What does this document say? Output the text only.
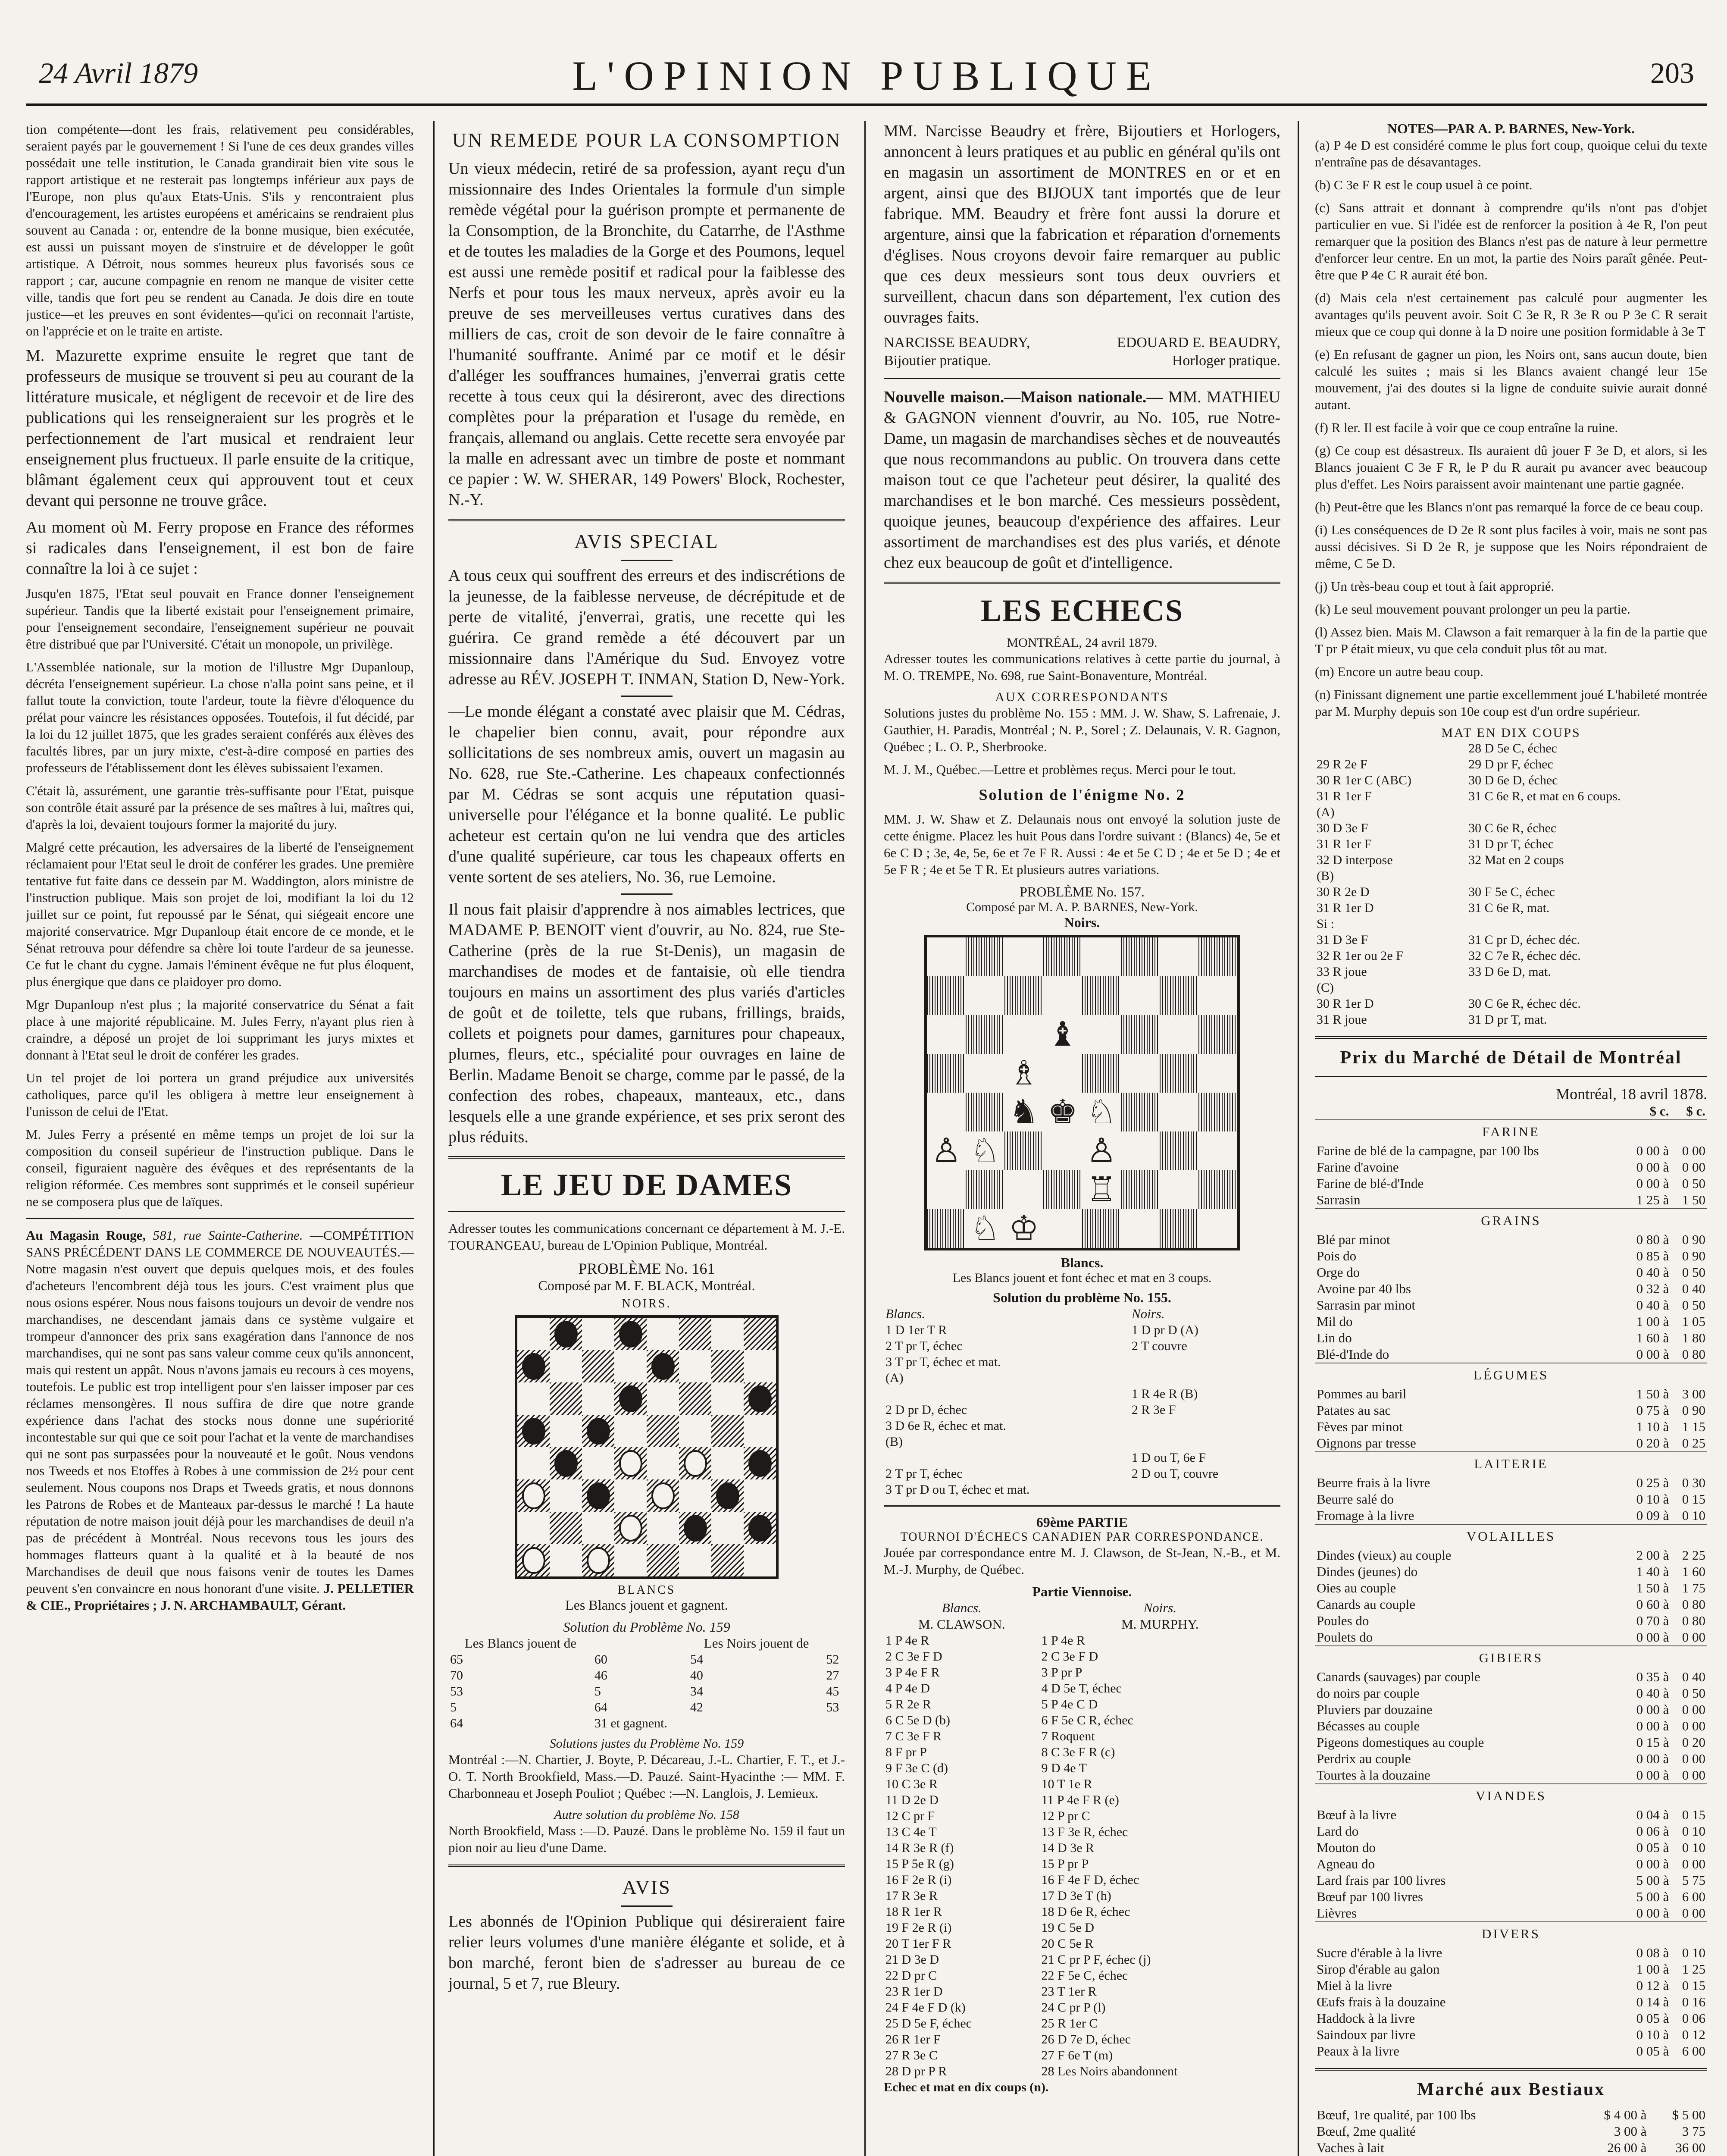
24 Avril 1879	L'OPINION PUBLIQUE	203

tion compétente—dont les frais, relativement peu considérables, seraient payés par le gouvernement ! Si l'une de ces deux grandes villes possédait une telle institution, le Canada grandirait bien vite sous le rapport artistique et ne resterait pas longtemps inférieur aux pays de l'Europe, non plus qu'aux Etats-Unis. S'ils y rencontraient plus d'encouragement, les artistes européens et américains se rendraient plus souvent au Canada : or, entendre de la bonne musique, bien exécutée, est aussi un puissant moyen de s'instruire et de développer le goût artistique. A Détroit, nous sommes heureux plus favorisés sous ce rapport ; car, aucune compagnie en renom ne manque de visiter cette ville, tandis que fort peu se rendent au Canada. Je dois dire en toute justice—et les preuves en sont évidentes—qu'ici on reconnait l'artiste, on l'apprécie et on le traite en artiste.

M. Mazurette exprime ensuite le regret que tant de professeurs de musique se trouvent si peu au courant de la littérature musicale, et négligent de recevoir et de lire des publications qui les renseigneraient sur les progrès et le perfectionnement de l'art musical et rendraient leur enseignement plus fructueux. Il parle ensuite de la critique, blâmant également ceux qui approuvent tout et ceux devant qui personne ne trouve grâce.

Au moment où M. Ferry propose en France des réformes si radicales dans l'enseignement, il est bon de faire connaître la loi à ce sujet :

Jusqu'en 1875, l'Etat seul pouvait en France donner l'enseignement supérieur. Tandis que la liberté existait pour l'enseignement primaire, pour l'enseignement secondaire, l'enseignement supérieur ne pouvait être distribué que par l'Université. C'était un monopole, un privilège.

L'Assemblée nationale, sur la motion de l'illustre Mgr Dupanloup, décréta l'enseignement supérieur. La chose n'alla point sans peine, et il fallut toute la conviction, toute l'ardeur, toute la fièvre d'éloquence du prélat pour vaincre les résistances opposées. Toutefois, il fut décidé, par la loi du 12 juillet 1875, que les grades seraient conférés aux élèves des facultés libres, par un jury mixte, c'est-à-dire composé en parties des professeurs de l'établissement dont les élèves subissaient l'examen.

C'était là, assurément, une garantie très-suffisante pour l'Etat, puisque son contrôle était assuré par la présence de ses maîtres à lui, maîtres qui, d'après la loi, devaient toujours former la majorité du jury.

Malgré cette précaution, les adversaires de la liberté de l'enseignement réclamaient pour l'Etat seul le droit de conférer les grades. Une première tentative fut faite dans ce dessein par M. Waddington, alors ministre de l'instruction publique. Mais son projet de loi, modifiant la loi du 12 juillet sur ce point, fut repoussé par le Sénat, qui siégeait encore une majorité conservatrice. Mgr Dupanloup était encore de ce monde, et le Sénat retrouva pour défendre sa chère loi toute l'ardeur de sa jeunesse. Ce fut le chant du cygne. Jamais l'éminent évêque ne fut plus éloquent, plus énergique que dans ce plaidoyer pro domo.

Mgr Dupanloup n'est plus ; la majorité conservatrice du Sénat a fait place à une majorité républicaine. M. Jules Ferry, n'ayant plus rien à craindre, a déposé un projet de loi supprimant les jurys mixtes et donnant à l'Etat seul le droit de conférer les grades.

Un tel projet de loi portera un grand préjudice aux universités catholiques, parce qu'il les obligera à mettre leur enseignement à l'unisson de celui de l'Etat.

M. Jules Ferry a présenté en même temps un projet de loi sur la composition du conseil supérieur de l'instruction publique. Dans le conseil, figuraient naguère des évêques et des représentants de la religion réformée. Ces membres sont supprimés et le conseil supérieur ne se composera plus que de laïques.

Au Magasin Rouge, 581, rue Sainte-Catherine. —COMPÉTITION SANS PRÉCÉDENT DANS LE COMMERCE DE NOUVEAUTÉS.—Notre magasin n'est ouvert que depuis quelques mois, et des foules d'acheteurs l'encombrent déjà tous les jours. C'est vraiment plus que nous osions espérer. Nous nous faisons toujours un devoir de vendre nos marchandises, ne descendant jamais dans ce système vulgaire et trompeur d'annoncer des prix sans exagération dans l'annonce de nos marchandises, qui ne sont pas sans valeur comme ceux qu'ils annoncent, mais qui restent un appât. Nous n'avons jamais eu recours à ces moyens, toutefois. Le public est trop intelligent pour s'en laisser imposer par ces réclames mensongères. Il nous suffira de dire que notre grande expérience dans l'achat des stocks nous donne une supériorité incontestable sur qui que ce soit pour l'achat et la vente de marchandises qui ne sont pas surpassées pour la nouveauté et le goût. Nous vendons nos Tweeds et nos Etoffes à Robes à une commission de 2½ pour cent seulement. Nous coupons nos Draps et Tweeds gratis, et nous donnons les Patrons de Robes et de Manteaux par-dessus le marché ! La haute réputation de notre maison jouit déjà pour les marchandises de deuil n'a pas de précédent à Montréal. Nous recevons tous les jours des hommages flatteurs quant à la qualité et à la beauté de nos Marchandises de deuil que nous faisons venir de toutes les Dames peuvent s'en convaincre en nous honorant d'une visite. J. PELLETIER & CIE., Propriétaires ; J. N. ARCHAMBAULT, Gérant.

UN REMEDE POUR LA CONSOMPTION

Un vieux médecin, retiré de sa profession, ayant reçu d'un missionnaire des Indes Orientales la formule d'un simple remède végétal pour la guérison prompte et permanente de la Consomption, de la Bronchite, du Catarrhe, de l'Asthme et de toutes les maladies de la Gorge et des Poumons, lequel est aussi une remède positif et radical pour la faiblesse des Nerfs et pour tous les maux nerveux, après avoir eu la preuve de ses merveilleuses vertus curatives dans des milliers de cas, croit de son devoir de le faire connaître à l'humanité souffrante. Animé par ce motif et le désir d'alléger les souffrances humaines, j'enverrai gratis cette recette à tous ceux qui la désireront, avec des directions complètes pour la préparation et l'usage du remède, en français, allemand ou anglais. Cette recette sera envoyée par la malle en adressant avec un timbre de poste et nommant ce papier : W. W. SHERAR, 149 Powers' Block, Rochester, N.-Y.

AVIS SPECIAL

A tous ceux qui souffrent des erreurs et des indiscrétions de la jeunesse, de la faiblesse nerveuse, de décrépitude et de perte de vitalité, j'enverrai, gratis, une recette qui les guérira. Ce grand remède a été découvert par un missionnaire dans l'Amérique du Sud. Envoyez votre adresse au RÉV. JOSEPH T. INMAN, Station D, New-York.

—Le monde élégant a constaté avec plaisir que M. Cédras, le chapelier bien connu, avait, pour répondre aux sollicitations de ses nombreux amis, ouvert un magasin au No. 628, rue Ste.-Catherine. Les chapeaux confectionnés par M. Cédras se sont acquis une réputation quasi-universelle pour l'élégance et la bonne qualité. Le public acheteur est certain qu'on ne lui vendra que des articles d'une qualité supérieure, car tous les chapeaux offerts en vente sortent de ses ateliers, No. 36, rue Lemoine.

Il nous fait plaisir d'apprendre à nos aimables lectrices, que MADAME P. BENOIT vient d'ouvrir, au No. 824, rue Ste-Catherine (près de la rue St-Denis), un magasin de marchandises de modes et de fantaisie, où elle tiendra toujours en mains un assortiment des plus variés d'articles de goût et de toilette, tels que rubans, frillings, braids, collets et poignets pour dames, garnitures pour chapeaux, plumes, fleurs, etc., spécialité pour ouvrages en laine de Berlin. Madame Benoit se charge, comme par le passé, de la confection des robes, chapeaux, manteaux, etc., dans lesquels elle a une grande expérience, et ses prix seront des plus réduits.

LE JEU DE DAMES

Adresser toutes les communications concernant ce département à M. J.-E. TOURANGEAU, bureau de L'Opinion Publique, Montréal.

PROBLÈME No. 161
Composé par M. F. BLACK, Montréal.
NOIRS.
BLANCS
Les Blancs jouent et gagnent.
Solution du Problème No. 159
Les Blancs jouent de		Les Noirs jouent de	
65	60	54	52
70	46	40	27
53	5	34	45
5	64	42	53
64	31 et gagnent.		
Solutions justes du Problème No. 159

Montréal :—N. Chartier, J. Boyte, P. Décareau, J.-L. Chartier, F. T., et J.-O. T. North Brookfield, Mass.—D. Pauzé. Saint-Hyacinthe :— MM. F. Charbonneau et Joseph Pouliot ; Québec :—N. Langlois, J. Lemieux.

Autre solution du problème No. 158

North Brookfield, Mass :—D. Pauzé. Dans le problème No. 159 il faut un pion noir au lieu d'une Dame.

AVIS

Les abonnés de l'Opinion Publique qui désireraient faire relier leurs volumes d'une manière élégante et solide, et à bon marché, feront bien de s'adresser au bureau de ce journal, 5 et 7, rue Bleury.

MM. Narcisse Beaudry et frère, Bijoutiers et Horlogers, annoncent à leurs pratiques et au public en général qu'ils ont en magasin un assortiment de MONTRES en or et en argent, ainsi que des BIJOUX tant importés que de leur fabrique. MM. Beaudry et frère font aussi la dorure et argenture, ainsi que la fabrication et réparation d'ornements d'églises. Nous croyons devoir faire remarquer au public que ces deux messieurs sont tous deux ouvriers et surveillent, chacun dans son département, l'ex cution des ouvrages faits.

NARCISSE BEAUDRY, Bijoutier pratique.
EDOUARD E. BEAUDRY, Horloger pratique.

Nouvelle maison.—Maison nationale.— MM. MATHIEU & GAGNON viennent d'ouvrir, au No. 105, rue Notre-Dame, un magasin de marchandises sèches et de nouveautés que nous recommandons au public. On trouvera dans cette maison tout ce que l'acheteur peut désirer, la qualité des marchandises et le bon marché. Ces messieurs possèdent, quoique jeunes, beaucoup d'expérience des affaires. Leur assortiment de marchandises est des plus variés, et dénote chez eux beaucoup de goût et d'intelligence.

LES ECHECS
MONTRÉAL, 24 avril 1879.

Adresser toutes les communications relatives à cette partie du journal, à M. O. TREMPE, No. 698, rue Saint-Bonaventure, Montréal.

AUX CORRESPONDANTS

Solutions justes du problème No. 155 : MM. J. W. Shaw, S. Lafrenaie, J. Gauthier, H. Paradis, Montréal ; N. P., Sorel ; Z. Delaunais, V. R. Gagnon, Québec ; L. O. P., Sherbrooke.

M. J. M., Québec.—Lettre et problèmes reçus. Merci pour le tout.

Solution de l'énigme No. 2

MM. J. W. Shaw et Z. Delaunais nous ont envoyé la solution juste de cette énigme. Placez les huit Pous dans l'ordre suivant : (Blancs) 4e, 5e et 6e C D ; 3e, 4e, 5e, 6e et 7e F R. Aussi : 4e et 5e C D ; 4e et 5e D ; 4e et 5e F R ; 4e et 5e T R. Et plusieurs autres variations.

PROBLÈME No. 157.
Composé par M. A. P. BARNES, New-York.
Noirs.
♝
♗
♚
♞ ♘
♙ ♘	♙
♖
♘ ♔
Blancs.
Les Blancs jouent et font échec et mat en 3 coups.
Solution du problème No. 155.
Blancs.	Noirs.
1 D 1er T R	1 D pr D (A)
2 T pr T, échec	2 T couvre
3 T pr T, échec et mat.	
(A)	
	1 R 4e R (B)
2 D pr D, échec	2 R 3e F
3 D 6e R, échec et mat.	
(B)	
	1 D ou T, 6e F
2 T pr T, échec	2 D ou T, couvre
3 T pr D ou T, échec et mat.	
69ème PARTIE
TOURNOI D'ÉCHECS CANADIEN PAR CORRESPONDANCE.

Jouée par correspondance entre M. J. Clawson, de St-Jean, N.-B., et M. M.-J. Murphy, de Québec.

Partie Viennoise.
Blancs.	Noirs.
M. CLAWSON.	M. MURPHY.
1 P 4e R	1 P 4e R
2 C 3e F D	2 C 3e F D
3 P 4e F R	3 P pr P
4 P 4e D	4 D 5e T, échec
5 R 2e R	5 P 4e C D
6 C 5e D (b)	6 F 5e C R, échec
7 C 3e F R	7 Roquent
8 F pr P	8 C 3e F R (c)
9 F 3e C (d)	9 D 4e T
10 C 3e R	10 T 1e R
11 D 2e D	11 P 4e F R (e)
12 C pr F	12 P pr C
13 C 4e T	13 F 3e R, échec
14 R 3e R (f)	14 D 3e R
15 P 5e R (g)	15 P pr P
16 F 2e R (i)	16 F 4e F D, échec
17 R 3e R	17 D 3e T (h)
18 R 1er R	18 D 6e R, échec
19 F 2e R (i)	19 C 5e D
20 T 1er F R	20 C 5e R
21 D 3e D	21 C pr P F, échec (j)
22 D pr C	22 F 5e C, échec
23 R 1er D	23 T 1er R
24 F 4e F D (k)	24 C pr P (l)
25 D 5e F, échec	25 R 1er C
26 R 1er F	26 D 7e D, échec
27 R 3e C	27 F 6e T (m)
28 D pr P R	28 Les Noirs abandonnent
Echec et mat en dix coups (n).
NOTES—PAR A. P. BARNES, New-York.

(a) P 4e D est considéré comme le plus fort coup, quoique celui du texte n'entraîne pas de désavantages.

(b) C 3e F R est le coup usuel à ce point.

(c) Sans attrait et donnant à comprendre qu'ils n'ont pas d'objet particulier en vue. Si l'idée est de renforcer la position à 4e R, l'on peut remarquer que la position des Blancs n'est pas de nature à leur permettre d'enforcer leur centre. En un mot, la partie des Noirs paraît gênée. Peut-être que P 4e C R aurait été bon.

(d) Mais cela n'est certainement pas calculé pour augmenter les avantages qu'ils peuvent avoir. Soit C 3e R, R 3e R ou P 3e C R serait mieux que ce coup qui donne à la D noire une position formidable à 3e T

(e) En refusant de gagner un pion, les Noirs ont, sans aucun doute, bien calculé les suites ; mais si les Blancs avaient changé leur 15e mouvement, j'ai des doutes si la ligne de conduite suivie aurait donné autant.

(f) R ler. Il est facile à voir que ce coup entraîne la ruine.

(g) Ce coup est désastreux. Ils auraient dû jouer F 3e D, et alors, si les Blancs jouaient C 3e F R, le P du R aurait pu avancer avec beaucoup plus d'effet. Les Noirs paraissent avoir maintenant une partie gagnée.

(h) Peut-être que les Blancs n'ont pas remarqué la force de ce beau coup.

(i) Les conséquences de D 2e R sont plus faciles à voir, mais ne sont pas aussi décisives. Si D 2e R, je suppose que les Noirs répondraient de même, C 5e D.

(j) Un très-beau coup et tout à fait approprié.

(k) Le seul mouvement pouvant prolonger un peu la partie.

(l) Assez bien. Mais M. Clawson a fait remarquer à la fin de la partie que T pr P était mieux, vu que cela conduit plus tôt au mat.

(m) Encore un autre beau coup.

(n) Finissant dignement une partie excellemment joué L'habileté montrée par M. Murphy depuis son 10e coup est d'un ordre supérieur.

MAT EN DIX COUPS
	28 D 5e C, échec
29 R 2e F	29 D pr F, échec
30 R 1er C (ABC)	30 D 6e D, échec
31 R 1er F	31 C 6e R, et mat en 6 coups.
(A)	
30 D 3e F	30 C 6e R, échec
31 R 1er F	31 D pr T, échec
32 D interpose	32 Mat en 2 coups
(B)	
30 R 2e D	30 F 5e C, échec
31 R 1er D	31 C 6e R, mat.
Si :	
31 D 3e F	31 C pr D, échec déc.
32 R 1er ou 2e F	32 C 7e R, échec déc.
33 R joue	33 D 6e D, mat.
(C)	
30 R 1er D	30 C 6e R, échec déc.
31 R joue	31 D pr T, mat.
Prix du Marché de Détail de Montréal
Montréal, 18 avril 1878.
	$ c.	$ c.
FARINE		
Farine de blé de la campagne, par 100 lbs	0 00 à	0 00
Farine d'avoine	0 00 à	0 00
Farine de blé-d'Inde	0 00 à	0 50
Sarrasin	1 25 à	1 50
GRAINS		
Blé par minot	0 80 à	0 90
Pois do	0 85 à	0 90
Orge do	0 40 à	0 50
Avoine par 40 lbs	0 32 à	0 40
Sarrasin par minot	0 40 à	0 50
Mil do	1 00 à	1 05
Lin do	1 60 à	1 80
Blé-d'Inde do	0 00 à	0 80
LÉGUMES		
Pommes au baril	1 50 à	3 00
Patates au sac	0 75 à	0 90
Fèves par minot	1 10 à	1 15
Oignons par tresse	0 20 à	0 25
LAITERIE		
Beurre frais à la livre	0 25 à	0 30
Beurre salé do	0 10 à	0 15
Fromage à la livre	0 09 à	0 10
VOLAILLES		
Dindes (vieux) au couple	2 00 à	2 25
Dindes (jeunes) do	1 40 à	1 60
Oies au couple	1 50 à	1 75
Canards au couple	0 60 à	0 80
Poules do	0 70 à	0 80
Poulets do	0 00 à	0 00
GIBIERS		
Canards (sauvages) par couple	0 35 à	0 40
do noirs par couple	0 40 à	0 50
Pluviers par douzaine	0 00 à	0 00
Bécasses au couple	0 00 à	0 00
Pigeons domestiques au couple	0 15 à	0 20
Perdrix au couple	0 00 à	0 00
Tourtes à la douzaine	0 00 à	0 00
VIANDES		
Bœuf à la livre	0 04 à	0 15
Lard do	0 06 à	0 10
Mouton do	0 05 à	0 10
Agneau do	0 00 à	0 00
Lard frais par 100 livres	5 00 à	5 75
Bœuf par 100 livres	5 00 à	6 00
Lièvres	0 00 à	0 00
DIVERS		
Sucre d'érable à la livre	0 08 à	0 10
Sirop d'érable au galon	1 00 à	1 25
Miel à la livre	0 12 à	0 15
Œufs frais à la douzaine	0 14 à	0 16
Haddock à la livre	0 05 à	0 06
Saindoux par livre	0 10 à	0 12
Peaux à la livre	0 05 à	6 00
Marché aux Bestiaux
Bœuf, 1re qualité, par 100 lbs	$ 4 00 à	$ 5 00
Bœuf, 2me qualité	3 00 à	3 75
Vaches à lait	26 00 à	36 00
